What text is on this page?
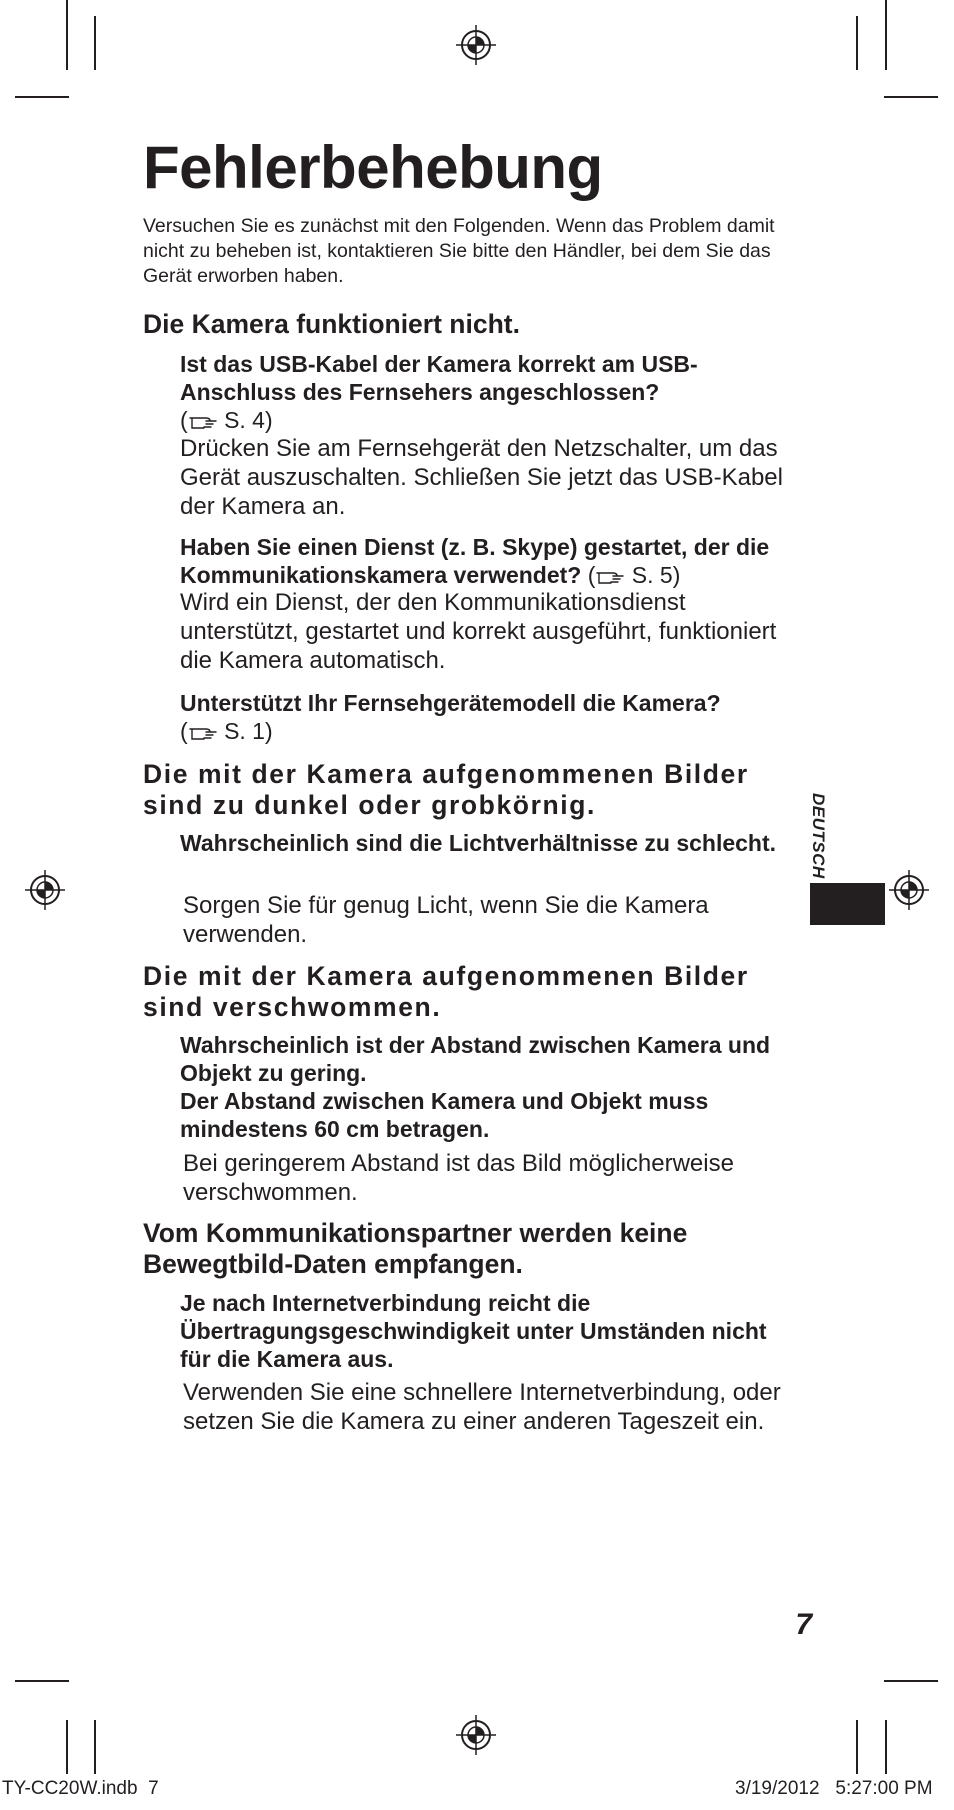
Fehlerbehebung

Versuchen Sie es zunächst mit den Folgenden. Wenn das Problem damit nicht zu beheben ist, kontaktieren Sie bitte den Händler, bei dem Sie das Gerät erworben haben.

Die Kamera funktioniert nicht.

Ist das USB-Kabel der Kamera korrekt am USB-Anschluss des Fernsehers angeschlossen?
( S. 4)

Drücken Sie am Fernsehgerät den Netzschalter, um das Gerät auszuschalten. Schließen Sie jetzt das USB-Kabel der Kamera an.

Haben Sie einen Dienst (z. B. Skype) gestartet, der die Kommunikationskamera verwendet? ( S. 5)

Wird ein Dienst, der den Kommunikationsdienst unterstützt, gestartet und korrekt ausgeführt, funktioniert die Kamera automatisch.

Unterstützt Ihr Fernsehgerätemodell die Kamera?
( S. 1)

Die mit der Kamera aufgenommenen Bilder sind zu dunkel oder grobkörnig.

Wahrscheinlich sind die Lichtverhältnisse zu schlecht.

Sorgen Sie für genug Licht, wenn Sie die Kamera verwenden.

Die mit der Kamera aufgenommenen Bilder sind verschwommen.

Wahrscheinlich ist der Abstand zwischen Kamera und Objekt zu gering.

Der Abstand zwischen Kamera und Objekt muss mindestens 60 cm betragen.

Bei geringerem Abstand ist das Bild möglicherweise verschwommen.

Vom Kommunikationspartner werden keine Bewegtbild-Daten empfangen.

Je nach Internetverbindung reicht die Übertragungsgeschwindigkeit unter Umständen nicht für die Kamera aus.

Verwenden Sie eine schnellere Internetverbindung, oder setzen Sie die Kamera zu einer anderen Tageszeit ein.

DEUTSCH
7
TY-CC20W.indb 7	3/19/2012 5:27:00 PM
